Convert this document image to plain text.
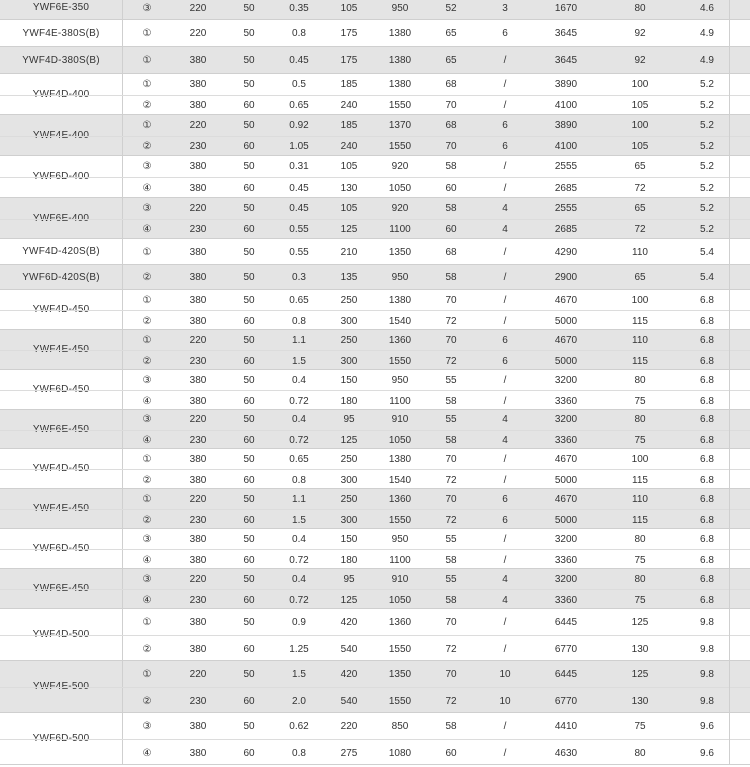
YWF6E-350	③	220	50	0.35	105	950	52	3	1670	80	4.6
YWF4E-380S(B)	①	220	50	0.8	175	1380	65	6	3645	92	4.9
YWF4D-380S(B)	①	380	50	0.45	175	1380	65	/	3645	92	4.9
YWF4D-400
①	380	50	0.5	185	1380	68	/	3890	100	5.2
②	380	60	0.65	240	1550	70	/	4100	105	5.2
YWF4E-400
①	220	50	0.92	185	1370	68	6	3890	100	5.2
②	230	60	1.05	240	1550	70	6	4100	105	5.2
YWF6D-400
③	380	50	0.31	105	920	58	/	2555	65	5.2
④	380	60	0.45	130	1050	60	/	2685	72	5.2
YWF6E-400
③	220	50	0.45	105	920	58	4	2555	65	5.2
④	230	60	0.55	125	1100	60	4	2685	72	5.2
YWF4D-420S(B)	①	380	50	0.55	210	1350	68	/	4290	110	5.4
YWF6D-420S(B)	②	380	50	0.3	135	950	58	/	2900	65	5.4
YWF4D-450
①	380	50	0.65	250	1380	70	/	4670	100	6.8
②	380	60	0.8	300	1540	72	/	5000	115	6.8
YWF4E-450
①	220	50	1.1	250	1360	70	6	4670	110	6.8
②	230	60	1.5	300	1550	72	6	5000	115	6.8
YWF6D-450
③	380	50	0.4	150	950	55	/	3200	80	6.8
④	380	60	0.72	180	1100	58	/	3360	75	6.8
YWF6E-450
③	220	50	0.4	95	910	55	4	3200	80	6.8
④	230	60	0.72	125	1050	58	4	3360	75	6.8
YWF4D-450
①	380	50	0.65	250	1380	70	/	4670	100	6.8
②	380	60	0.8	300	1540	72	/	5000	115	6.8
YWF4E-450
①	220	50	1.1	250	1360	70	6	4670	110	6.8
②	230	60	1.5	300	1550	72	6	5000	115	6.8
YWF6D-450
③	380	50	0.4	150	950	55	/	3200	80	6.8
④	380	60	0.72	180	1100	58	/	3360	75	6.8
YWF6E-450
③	220	50	0.4	95	910	55	4	3200	80	6.8
④	230	60	0.72	125	1050	58	4	3360	75	6.8
YWF4D-500
①	380	50	0.9	420	1360	70	/	6445	125	9.8
②	380	60	1.25	540	1550	72	/	6770	130	9.8
YWF4E-500
①	220	50	1.5	420	1350	70	10	6445	125	9.8
②	230	60	2.0	540	1550	72	10	6770	130	9.8
YWF6D-500
③	380	50	0.62	220	850	58	/	4410	75	9.6
④	380	60	0.8	275	1080	60	/	4630	80	9.6
